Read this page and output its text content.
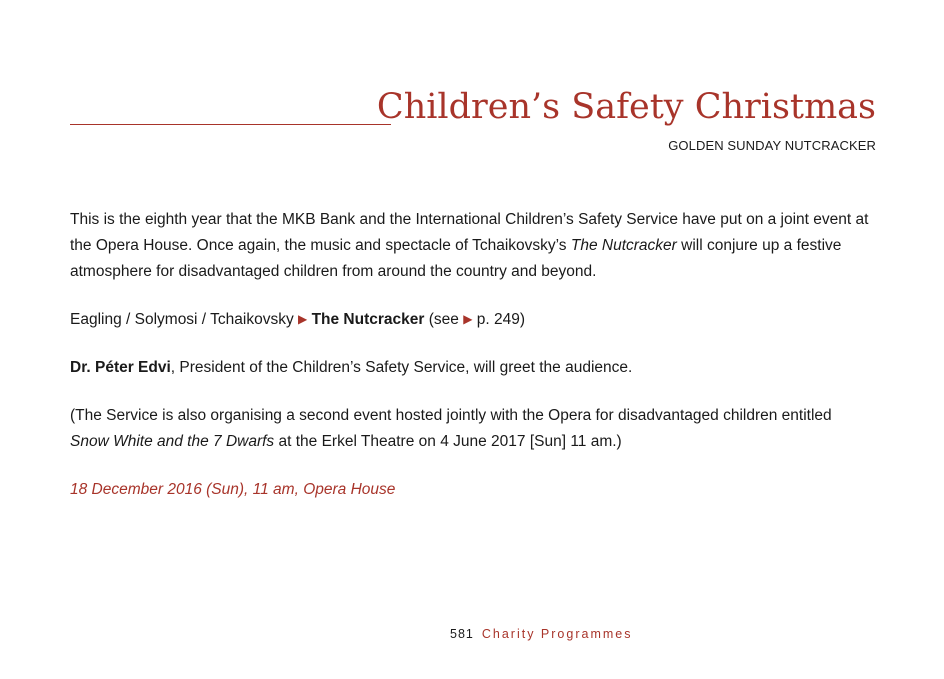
Children’s Safety Christmas
GOLDEN SUNDAY NUTCRACKER

This is the eighth year that the MKB Bank and the International Children’s Safety Service have put on a joint event at the Opera House. Once again, the music and spectacle of Tchaikovsky’s The Nutcracker will conjure up a festive atmosphere for disadvantaged children from around the country and beyond.

Eagling / Solymosi / Tchaikovsky ▶ The Nutcracker (see ▶ p. 249)

Dr. Péter Edvi, President of the Children’s Safety Service, will greet the audience.

(The Service is also organising a second event hosted jointly with the Opera for disadvantaged children entitled Snow White and the 7 Dwarfs at the Erkel Theatre on 4 June 2017 [Sun] 11 am.)

18 December 2016 (Sun), 11 am, Opera House

581 Charity Programmes
